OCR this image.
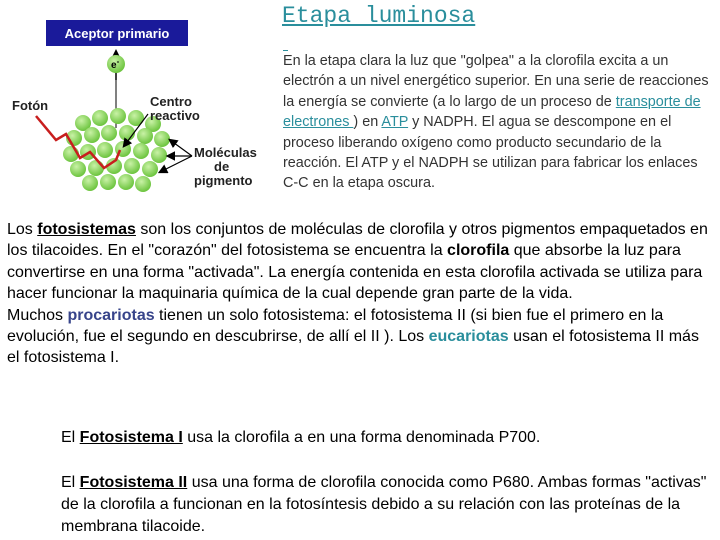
Aceptor primario
e-
Fotón	Centro
reactivo
Moléculas
de
pigmento
Etapa luminosa
En la etapa clara la luz que "golpea" a la clorofila excita a un electrón a un nivel energético superior. En una serie de reacciones la energía se convierte (a lo largo de un proceso de transporte de electrones ) en ATP y NADPH. El agua se descompone en el proceso liberando oxígeno como producto secundario de la reacción. El ATP y el NADPH se utilizan para fabricar los enlaces C-C en la etapa oscura.
Los fotosistemas son los conjuntos de moléculas de clorofila y otros pigmentos empaquetados en los tilacoides. En el "corazón" del fotosistema se encuentra la clorofila que absorbe la luz para convertirse en una forma "activada". La energía contenida en esta clorofila activada se utiliza para hacer funcionar la maquinaria química de la cual depende gran parte de la vida.
Muchos procariotas tienen un solo fotosistema: el fotosistema II (si bien fue el primero en la evolución, fue el segundo en descubrirse, de allí el II ). Los eucariotas usan el fotosistema II más el fotosistema I.
El Fotosistema I usa la clorofila a en una forma denominada P700.
El Fotosistema II usa una forma de clorofila conocida como P680. Ambas formas "activas" de la clorofila a funcionan en la fotosíntesis debido a su relación con las proteínas de la membrana tilacoide.
